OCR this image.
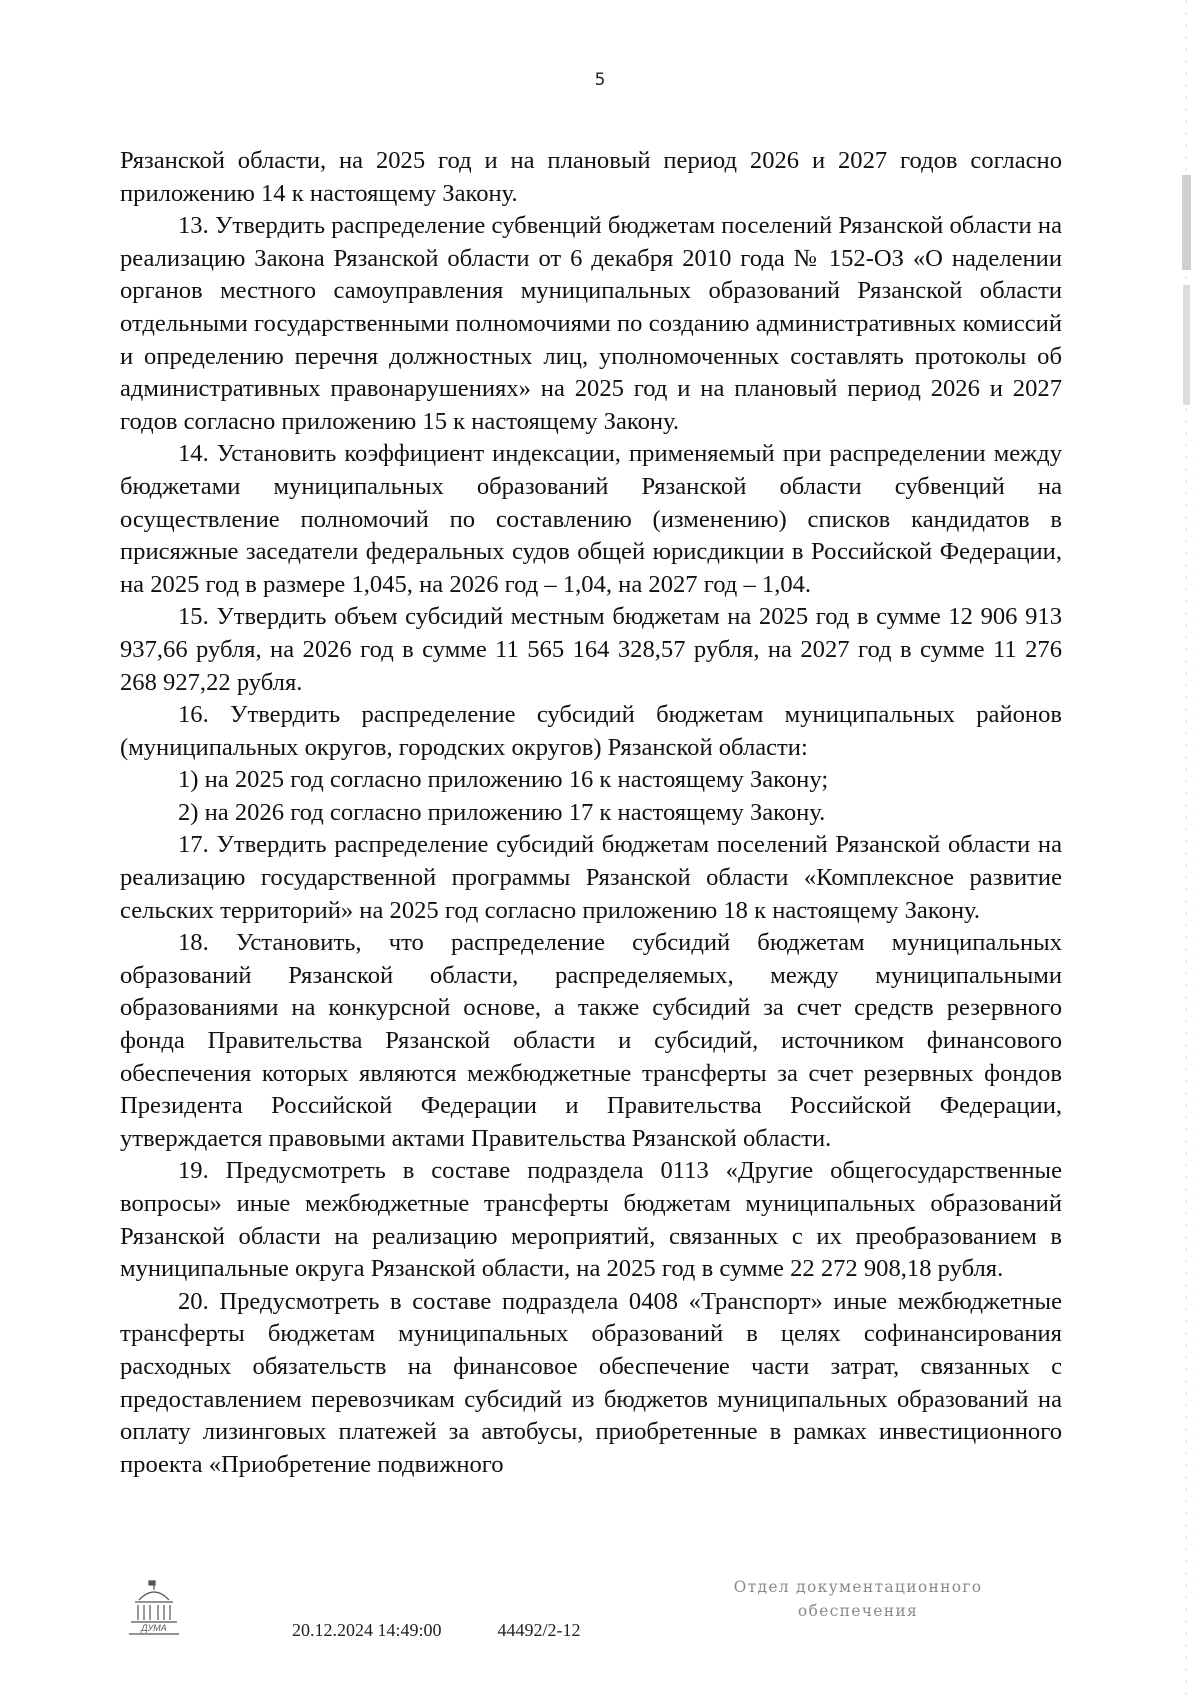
5

Рязанской области, на 2025 год и на плановый период 2026 и 2027 годов согласно приложению 14 к настоящему Закону.

13. Утвердить распределение субвенций бюджетам поселений Рязанской области на реализацию Закона Рязанской области от 6 декабря 2010 года № 152-ОЗ «О наделении органов местного самоуправления муниципальных образований Рязанской области отдельными государственными полномочиями по созданию административных комиссий и определению перечня должностных лиц, уполномоченных составлять протоколы об административных правонарушениях» на 2025 год и на плановый период 2026 и 2027 годов согласно приложению 15 к настоящему Закону.

14. Установить коэффициент индексации, применяемый при распределении между бюджетами муниципальных образований Рязанской области субвенций на осуществление полномочий по составлению (изменению) списков кандидатов в присяжные заседатели федеральных судов общей юрисдикции в Российской Федерации, на 2025 год в размере 1,045, на 2026 год – 1,04, на 2027 год – 1,04.

15. Утвердить объем субсидий местным бюджетам на 2025 год в сумме 12 906 913 937,66 рубля, на 2026 год в сумме 11 565 164 328,57 рубля, на 2027 год в сумме 11 276 268 927,22 рубля.

16. Утвердить распределение субсидий бюджетам муниципальных районов (муниципальных округов, городских округов) Рязанской области:

1) на 2025 год согласно приложению 16 к настоящему Закону;

2) на 2026 год согласно приложению 17 к настоящему Закону.

17. Утвердить распределение субсидий бюджетам поселений Рязанской области на реализацию государственной программы Рязанской области «Комплексное развитие сельских территорий» на 2025 год согласно приложению 18 к настоящему Закону.

18. Установить, что распределение субсидий бюджетам муниципальных образований Рязанской области, распределяемых, между муниципальными образованиями на конкурсной основе, а также субсидий за счет средств резервного фонда Правительства Рязанской области и субсидий, источником финансового обеспечения которых являются межбюджетные трансферты за счет резервных фондов Президента Российской Федерации и Правительства Российской Федерации, утверждается правовыми актами Правительства Рязанской области.

19. Предусмотреть в составе подраздела 0113 «Другие общегосударственные вопросы» иные межбюджетные трансферты бюджетам муниципальных образований Рязанской области на реализацию мероприятий, связанных с их преобразованием в муниципальные округа Рязанской области, на 2025 год в сумме 22 272 908,18 рубля.

20. Предусмотреть в составе подраздела 0408 «Транспорт» иные межбюджетные трансферты бюджетам муниципальных образований в целях софинансирования расходных обязательств на финансовое обеспечение части затрат, связанных с предоставлением перевозчикам субсидий из бюджетов муниципальных образований на оплату лизинговых платежей за автобусы, приобретенные в рамках инвестиционного проекта «Приобретение подвижного

ДУМА	20.12.2024 14:49:00	44492/2-12
Отдел документационного
обеспечения
